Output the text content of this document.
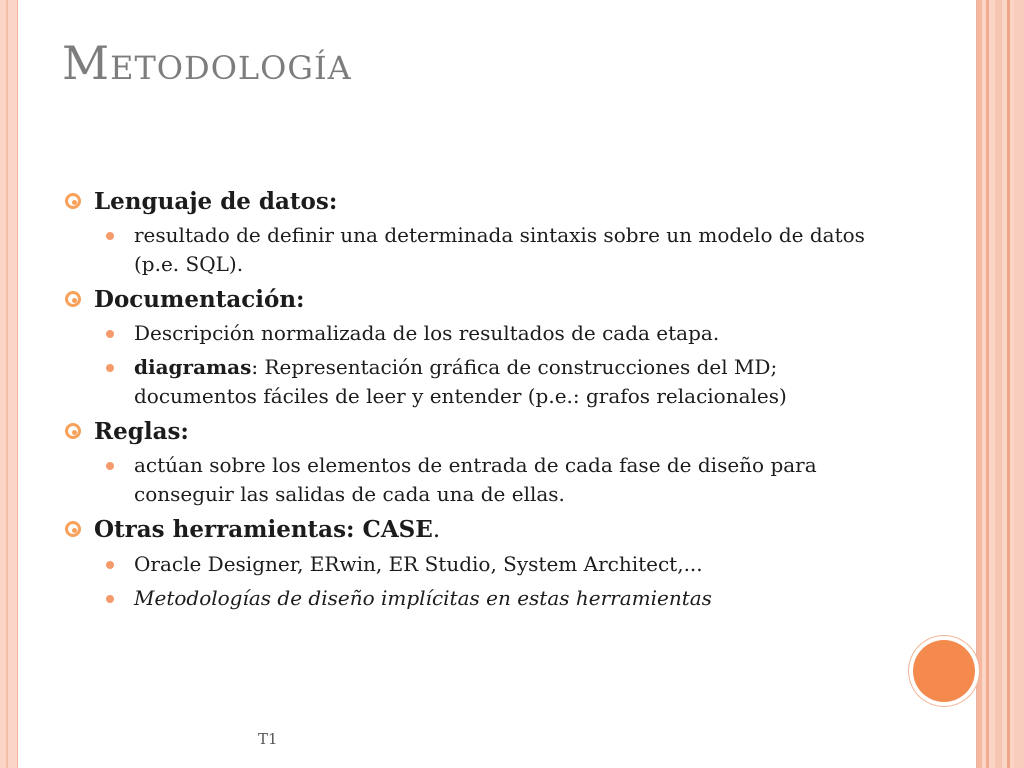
Metodología
Lenguaje de datos:
resultado de definir una determinada sintaxis sobre un modelo de datos (p.e. SQL).
Documentación:
Descripción normalizada de los resultados de cada etapa.
diagramas: Representación gráfica de construcciones del MD; documentos fáciles de leer y entender (p.e.: grafos relacionales)
Reglas:
actúan sobre los elementos de entrada de cada fase de diseño para conseguir las salidas de cada una de ellas.
Otras herramientas: CASE.
Oracle Designer, ERwin, ER Studio, System Architect,...
Metodologías de diseño implícitas en estas herramientas
T1
